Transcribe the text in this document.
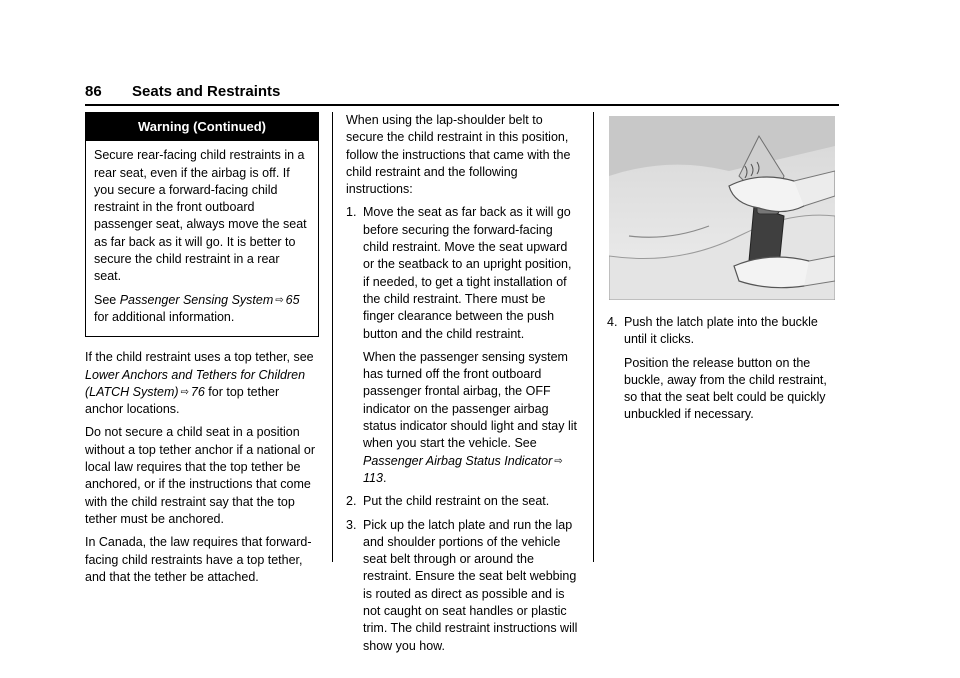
86 Seats and Restraints
Warning (Continued)

Secure rear-facing child restraints in a rear seat, even if the airbag is off. If you secure a forward-facing child restraint in the front outboard passenger seat, always move the seat as far back as it will go. It is better to secure the child restraint in a rear seat.

See Passenger Sensing System ⇨ 65 for additional information.

If the child restraint uses a top tether, see Lower Anchors and Tethers for Children (LATCH System) ⇨ 76 for top tether anchor locations.

Do not secure a child seat in a position without a top tether anchor if a national or local law requires that the top tether be anchored, or if the instructions that come with the child restraint say that the top tether must be anchored.

In Canada, the law requires that forward-facing child restraints have a top tether, and that the tether be attached.

When using the lap-shoulder belt to secure the child restraint in this position, follow the instructions that came with the child restraint and the following instructions:

1. Move the seat as far back as it will go before securing the forward-facing child restraint. Move the seat upward or the seatback to an upright position, if needed, to get a tight installation of the child restraint. There must be finger clearance between the push button and the child restraint.

When the passenger sensing system has turned off the front outboard passenger frontal airbag, the OFF indicator on the passenger airbag status indicator should light and stay lit when you start the vehicle. See Passenger Airbag Status Indicator ⇨113.

2. Put the child restraint on the seat.

3. Pick up the latch plate and run the lap and shoulder portions of the vehicle seat belt through or around the restraint. Ensure the seat belt webbing is routed as direct as possible and is not caught on seat handles or plastic trim. The child restraint instructions will show you how.

4. Push the latch plate into the buckle until it clicks.

Position the release button on the buckle, away from the child restraint, so that the seat belt could be quickly unbuckled if necessary.
